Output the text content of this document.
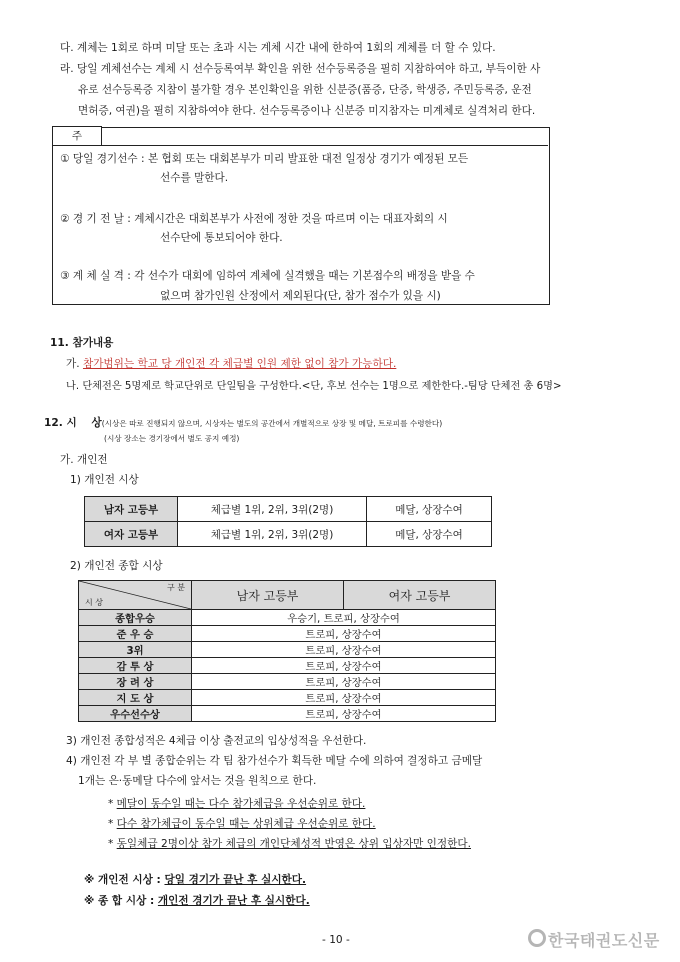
다. 계체는 1회로 하며 미달 또는 초과 시는 계체 시간 내에 한하여 1회의 계체를 더 할 수 있다.
라. 당일 계체선수는 계체 시 선수등록여부 확인을 위한 선수등록증을 필히 지참하여야 하고, 부득이한 사
유로 선수등록증 지참이 불가할 경우 본인확인을 위한 신분증(품증, 단증, 학생증, 주민등록증, 운전
면허증, 여권)을 필히 지참하여야 한다. 선수등록증이나 신분증 미지참자는 미계체로 실격처리 한다.
주
① 당일 경기선수 : 본 협회 또는 대회본부가 미리 발표한 대전 일정상 경기가 예정된 모든
선수를 말한다.
② 경 기 전 날 : 계체시간은 대회본부가 사전에 정한 것을 따르며 이는 대표자회의 시
선수단에 통보되어야 한다.
③ 계 체 실 격 : 각 선수가 대회에 임하여 계체에 실격했을 때는 기본점수의 배정을 받을 수
없으며 참가인원 산정에서 제외된다(단, 참가 점수가 있을 시)
11. 참가내용
가. 참가범위는 학교 당 개인전 각 체급별 인원 제한 없이 참가 가능하다.
나. 단체전은 5명제로 학교단위로 단일팀을 구성한다.<단, 후보 선수는 1명으로 제한한다.-팀당 단체전 총 6명>
12. 시 상(시상은 따로 진행되지 않으며, 시상자는 별도의 공간에서 개별적으로 상장 및 메달, 트로피를 수령한다)
(시상 장소는 경기장에서 별도 공지 예정)
가. 개인전
1) 개인전 시상
남자 고등부	체급별 1위, 2위, 3위(2명)	메달, 상장수여
여자 고등부	체급별 1위, 2위, 3위(2명)	메달, 상장수여
2) 개인전 종합 시상
구 분
시 상	남자 고등부	여자 고등부
종합우승	우승기, 트로피, 상장수여	
준 우 승	트로피, 상장수여	
3위	트로피, 상장수여	
감 투 상	트로피, 상장수여	
장 려 상	트로피, 상장수여	
지 도 상	트로피, 상장수여	
우수선수상	트로피, 상장수여	
3) 개인전 종합성적은 4체급 이상 출전교의 입상성적을 우선한다.
4) 개인전 각 부 별 종합순위는 각 팀 참가선수가 획득한 메달 수에 의하여 결정하고 금메달
1개는 은·동메달 다수에 앞서는 것을 원칙으로 한다.
* 메달이 동수일 때는 다수 참가체급을 우선순위로 한다.
* 다수 참가체급이 동수일 때는 상위체급 우선순위로 한다.
* 동일체급 2명이상 참가 체급의 개인단체성적 반영은 상위 입상자만 인정한다.
※ 개인전 시상 : 당일 경기가 끝난 후 실시한다.
※ 종 합 시상 : 개인전 경기가 끝난 후 실시한다.
- 10 -	한국태권도신문
